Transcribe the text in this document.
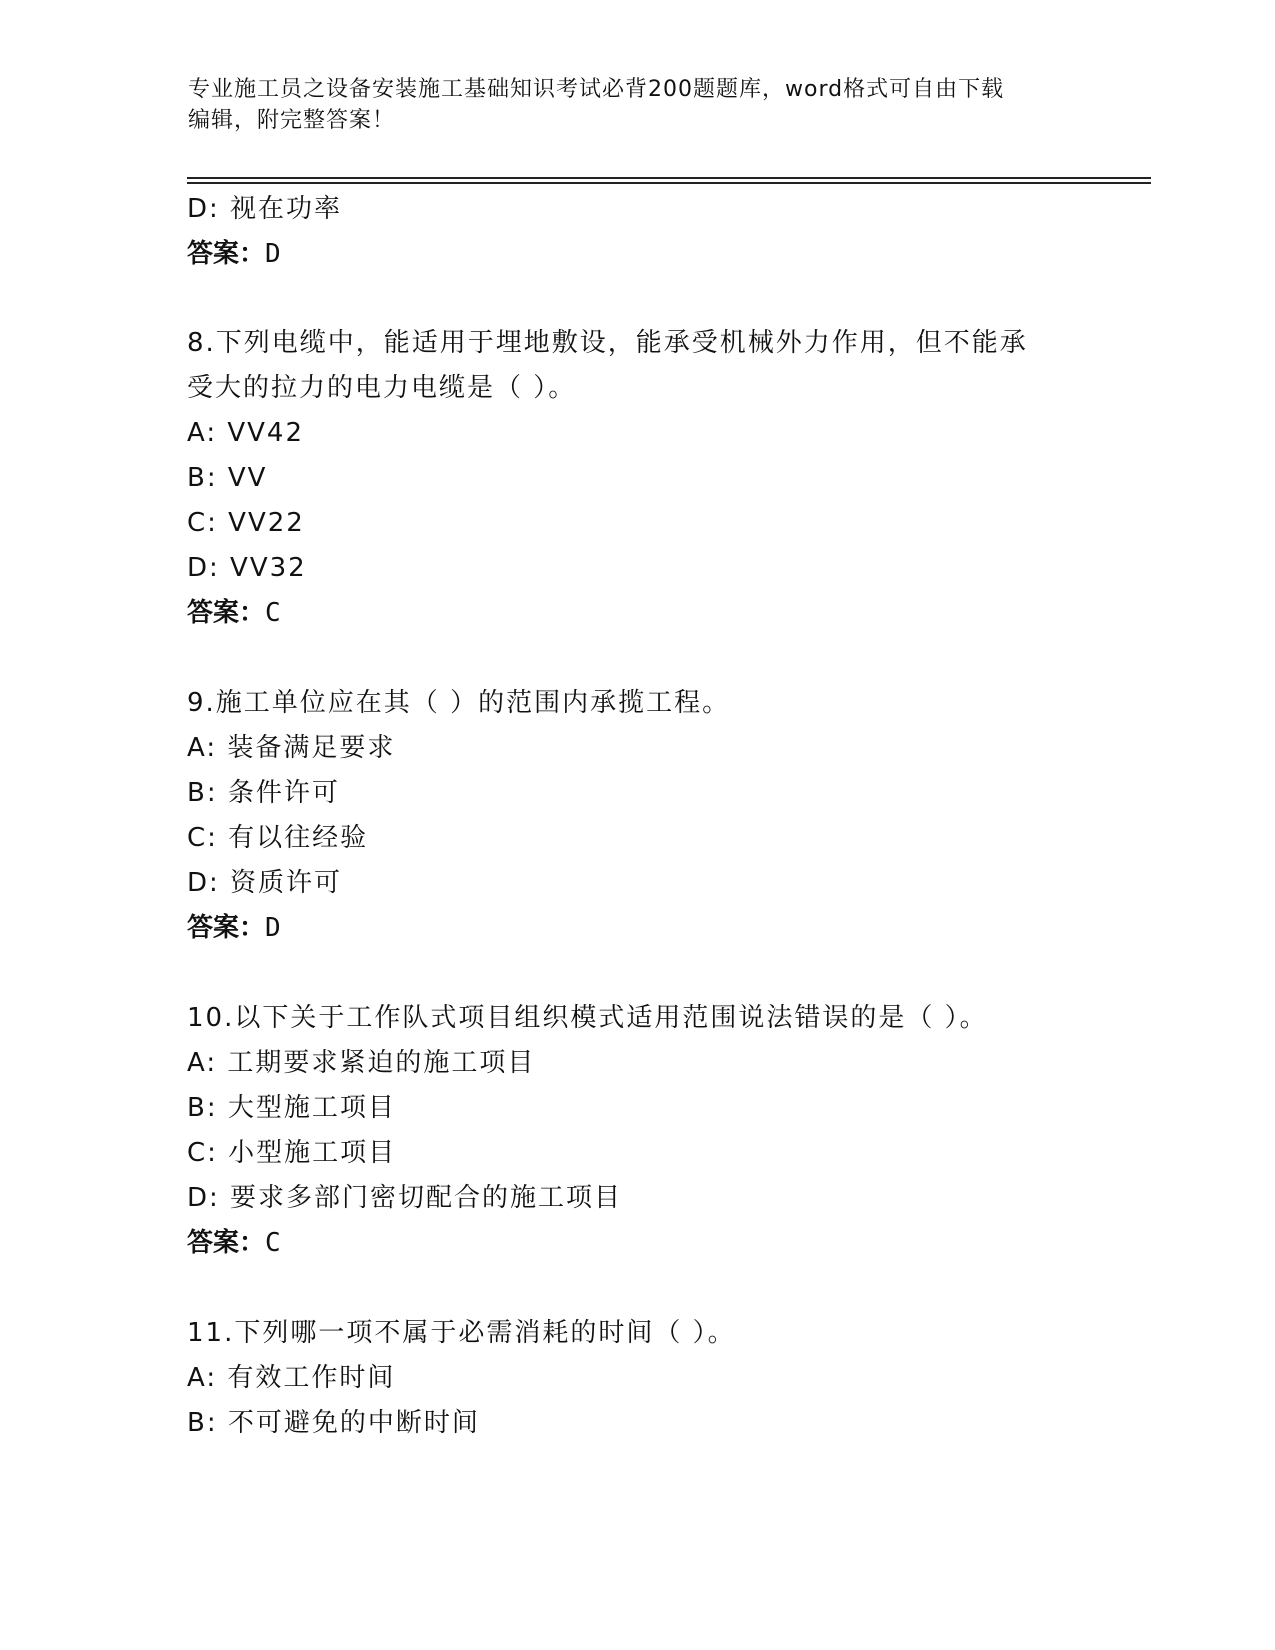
专业施工员之设备安装施工基础知识考试必背200题题库，word格式可自由下载
编辑，附完整答案！
D: 视在功率
答案：D
8.下列电缆中，能适用于埋地敷设，能承受机械外力作用，但不能承
受大的拉力的电力电缆是（ ）。
A: VV42
B: VV
C: VV22
D: VV32
答案：C
9.施工单位应在其（ ）的范围内承揽工程。
A: 装备满足要求
B: 条件许可
C: 有以往经验
D: 资质许可
答案：D
10.以下关于工作队式项目组织模式适用范围说法错误的是（ ）。
A: 工期要求紧迫的施工项目
B: 大型施工项目
C: 小型施工项目
D: 要求多部门密切配合的施工项目
答案：C
11.下列哪一项不属于必需消耗的时间（ ）。
A: 有效工作时间
B: 不可避免的中断时间
